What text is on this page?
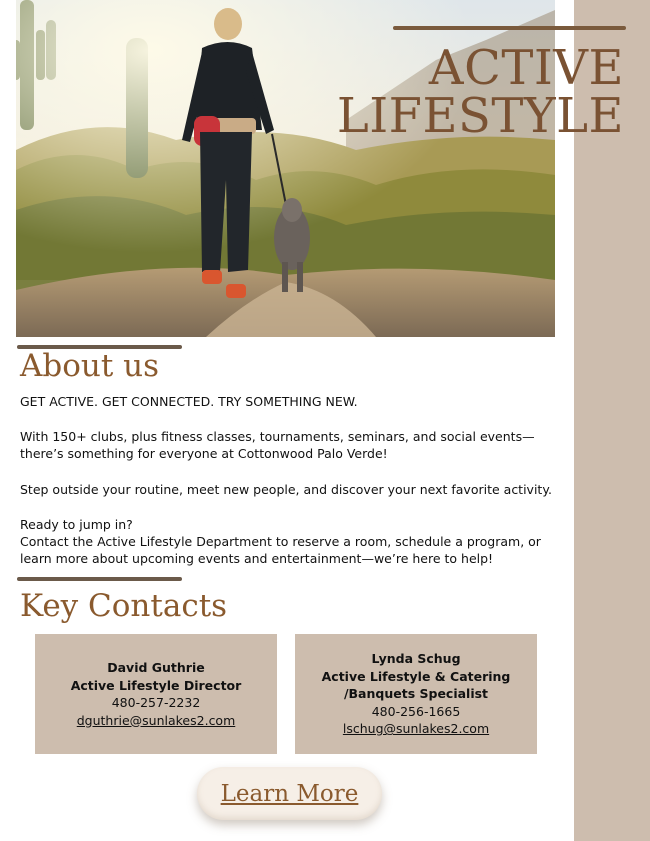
ACTIVE
LIFESTYLE
About us

GET ACTIVE. GET CONNECTED. TRY SOMETHING NEW.

With 150+ clubs, plus fitness classes, tournaments, seminars, and social events—there’s something for everyone at Cottonwood Palo Verde!

Step outside your routine, meet new people, and discover your next favorite activity.

Ready to jump in?

Contact the Active Lifestyle Department to reserve a room, schedule a program, or learn more about upcoming events and entertainment—we’re here to help!

Key Contacts
David Guthrie
Active Lifestyle Director
480-257-2232
dguthrie@sunlakes2.com
Lynda Schug
Active Lifestyle & Catering
/Banquets Specialist
480-256-1665
lschug@sunlakes2.com
Learn More
